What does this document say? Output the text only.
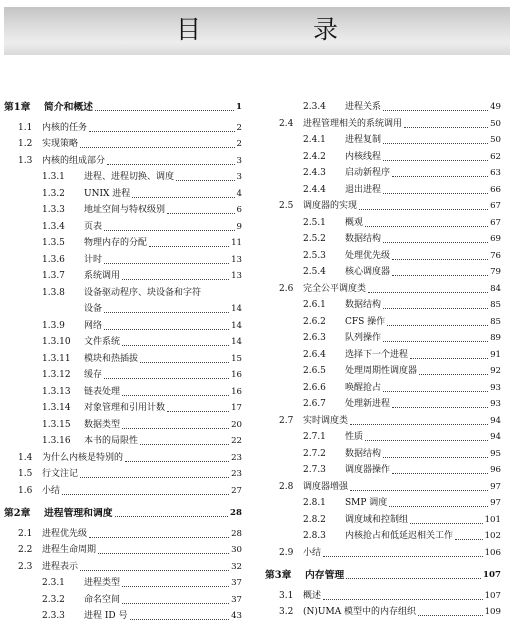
目 录
第1章	简介和概述	1
1.1	内核的任务	2
1.2	实现策略	2
1.3	内核的组成部分	3
1.3.1	进程、进程切换、调度	3
1.3.2	UNIX 进程	4
1.3.3	地址空间与特权级别	6
1.3.4	页表	9
1.3.5	物理内存的分配	11
1.3.6	计时	13
1.3.7	系统调用	13
1.3.8	设备驱动程序、块设备和字符
设备	14
1.3.9	网络	14
1.3.10	文件系统	14
1.3.11	模块和热插拔	15
1.3.12	缓存	16
1.3.13	链表处理	16
1.3.14	对象管理和引用计数	17
1.3.15	数据类型	20
1.3.16	本书的局限性	22
1.4	为什么内核是特别的	23
1.5	行文注记	23
1.6	小结	27
第2章	进程管理和调度	28
2.1	进程优先级	28
2.2	进程生命周期	30
2.3	进程表示	32
2.3.1	进程类型	37
2.3.2	命名空间	37
2.3.3	进程 ID 号	43
2.3.4	进程关系	49
2.4	进程管理相关的系统调用	50
2.4.1	进程复制	50
2.4.2	内核线程	62
2.4.3	启动新程序	63
2.4.4	退出进程	66
2.5	调度器的实现	67
2.5.1	概观	67
2.5.2	数据结构	69
2.5.3	处理优先级	76
2.5.4	核心调度器	79
2.6	完全公平调度类	84
2.6.1	数据结构	85
2.6.2	CFS 操作	85
2.6.3	队列操作	89
2.6.4	选择下一个进程	91
2.6.5	处理周期性调度器	92
2.6.6	唤醒抢占	93
2.6.7	处理新进程	93
2.7	实时调度类	94
2.7.1	性质	94
2.7.2	数据结构	95
2.7.3	调度器操作	96
2.8	调度器增强	97
2.8.1	SMP 调度	97
2.8.2	调度域和控制组	101
2.8.3	内核抢占和低延迟相关工作	102
2.9	小结	106
第3章	内存管理	107
3.1	概述	107
3.2	(N)UMA 模型中的内存组织	109
